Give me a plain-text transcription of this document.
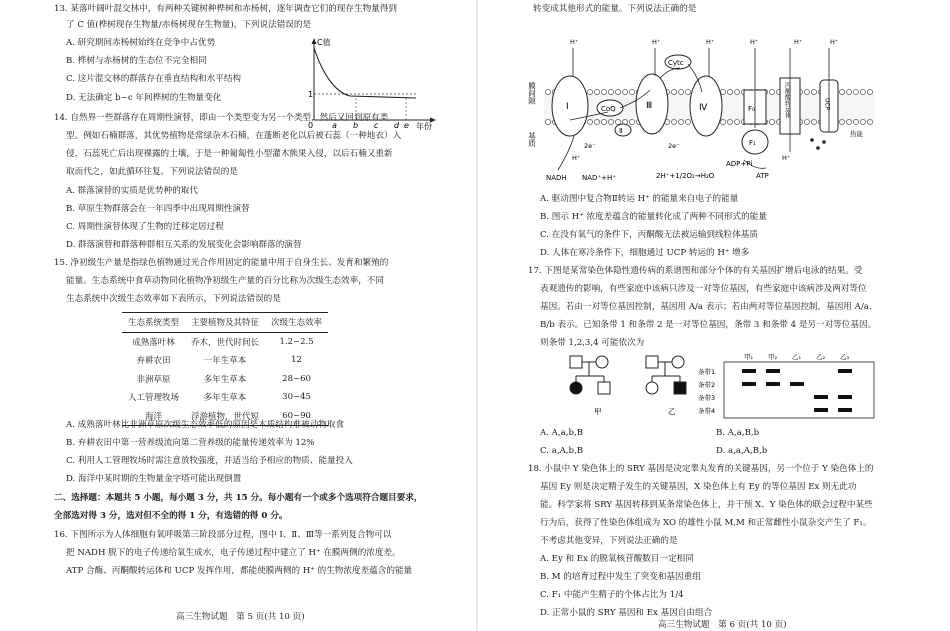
13. 某落叶阔叶混交林中，有两种关键树种桦树和赤杨树，逐年调查它们的现存生物量得到
了 C 值(桦树现存生物量/赤杨树现存生物量)，下列说法错误的是
A. 研究期间赤杨树始终在竞争中占优势
B. 桦树与赤杨树的生态位不完全相同
C. 这片混交林的群落存在垂直结构和水平结构
D. 无法确定 b~c 年间桦树的生物量变化
C值
1
0 a b c d e 年份
14. 自然界一些群落存在周期性演替，即由一个类型变为另一个类型，然后又回到原有类
型。例如石楠群落，其优势植物是常绿杂木石楠，在蓬断老化以后被石蕊（一种地衣）入
侵，石蕊死亡后出现裸露的土壤，于是一种匍匐性小型灌木熊果入侵，以后石楠又重新
取而代之，如此循环往复。下列说法错误的是
A. 群落演替的实质是优势种的取代
B. 草原生物群落会在一年四季中出现周期性演替
C. 周期性演替体现了生物的迁移定居过程
D. 群落演替和群落种群相互关系的发展变化会影响群落的演替
15. 净初级生产量是指绿色植物通过光合作用固定的能量中用于自身生长、发育和繁殖的
能量。生态系统中食草动物同化植物净初级生产量的百分比称为次级生态效率，不同
生态系统中次级生态效率如下表所示，下列说法错误的是
生态系统类型	主要植物及其特征	次级生态效率
成熟落叶林	乔木，世代时间长	1.2~2.5
弃耕农田	一年生草本	12
非洲草原	多年生草本	28~60
人工管理牧场	多年生草本	30~45
海洋	浮游植物，世代短	60~90
A. 成熟落叶林比非洲草原次级生态效率低的原因是木质结构难被动物取食
B. 弃耕农田中第一营养级流向第二营养级的能量传递效率为 12%
C. 利用人工管理牧场时需注意放牧强度，并适当给予相应的物质、能量投入
D. 海洋中某时期的生物量金字塔可能出现倒置
二、选择题：本题共 5 小题，每小题 3 分，共 15 分。每小题有一个或多个选项符合题目要求，
全部选对得 3 分，选对但不全的得 1 分，有选错的得 0 分。
16. 下图所示为人体细胞有氧呼吸第三阶段部分过程，图中 Ⅰ、Ⅱ、Ⅲ等一系列复合物可以
把 NADH 脱下的电子传递给氧生成水，电子传递过程中建立了 H⁺ 在膜两侧的浓度差。
ATP 合酶、丙酮酸转运体和 UCP 发挥作用，都能使膜两侧的 H⁺ 的生物浓度差蕴含的能量
高三生物试题　第 5 页(共 10 页)
转变成其他形式的能量。下列说法正确的是
膜间隙
基质
Ⅰ	CoQ
Ⅱ
Cytc
Ⅲ	Ⅳ	丙酮酸转运体	UCP
F₀
F₁
H⁺	H⁺	H⁺	H⁺	H⁺	H⁺
H⁺	H⁺
2e⁻	2e⁻
热能
NADH NAD⁺+H⁺	2H⁺+1/2O₂→H₂O
ADP+Pi
ATP
A. 驱动图中复合物Ⅱ转运 H⁺ 的能量来自电子的能量
B. 图示 H⁺ 浓度差蕴含的能量转化成了两种不同形式的能量
C. 在没有氧气的条件下，丙酮酸无法被运输到线粒体基质
D. 人体在寒冷条件下，细胞通过 UCP 转运的 H⁺ 增多
17. 下图是某常染色体隐性遗传病的系谱图和部分个体的有关基因扩增后电泳的结果。受
表观遗传的影响，有些家庭中该病只涉及一对等位基因，有些家庭中该病涉及两对等位
基因。若由一对等位基因控制，基因用 A/a 表示；若由两对等位基因控制，基因用 A/a、
B/b 表示。已知条带 1 和条带 2 是一对等位基因，条带 3 和条带 4 是另一对等位基因。
则条带 1,2,3,4 可能依次为
甲	乙
甲₁ 甲₂ 乙₁ 乙₂ 乙₃
条带1
条带2
条带3
条带4
A. A,a,b,B	B. A,a,B,b
C. a,A,b,B	D. a,a,A,B,b
18. 小鼠中 Y 染色体上的 SRY 基因是决定睾丸发育的关键基因，另一个位于 Y 染色体上的
基因 Ey 则是决定精子发生的关键基因，X 染色体上有 Ey 的等位基因 Ex 则无此功
能。科学家将 SRY 基因转移到某条常染色体上，并干预 X、Y 染色体的联会过程中某些
行为后，获得了性染色体组成为 XO 的雄性小鼠 M,M 和正常雌性小鼠杂交产生了 F₁。
不考虑其他变异，下列说法正确的是
A. Ey 和 Ex 的脱氧核苷酸数目一定相同
B. M 的培育过程中发生了突变和基因重组
C. F₁ 中能产生精子的个体占比为 1/4
D. 正常小鼠的 SRY 基因和 Ex 基因自由组合
高三生物试题　第 6 页(共 10 页)
